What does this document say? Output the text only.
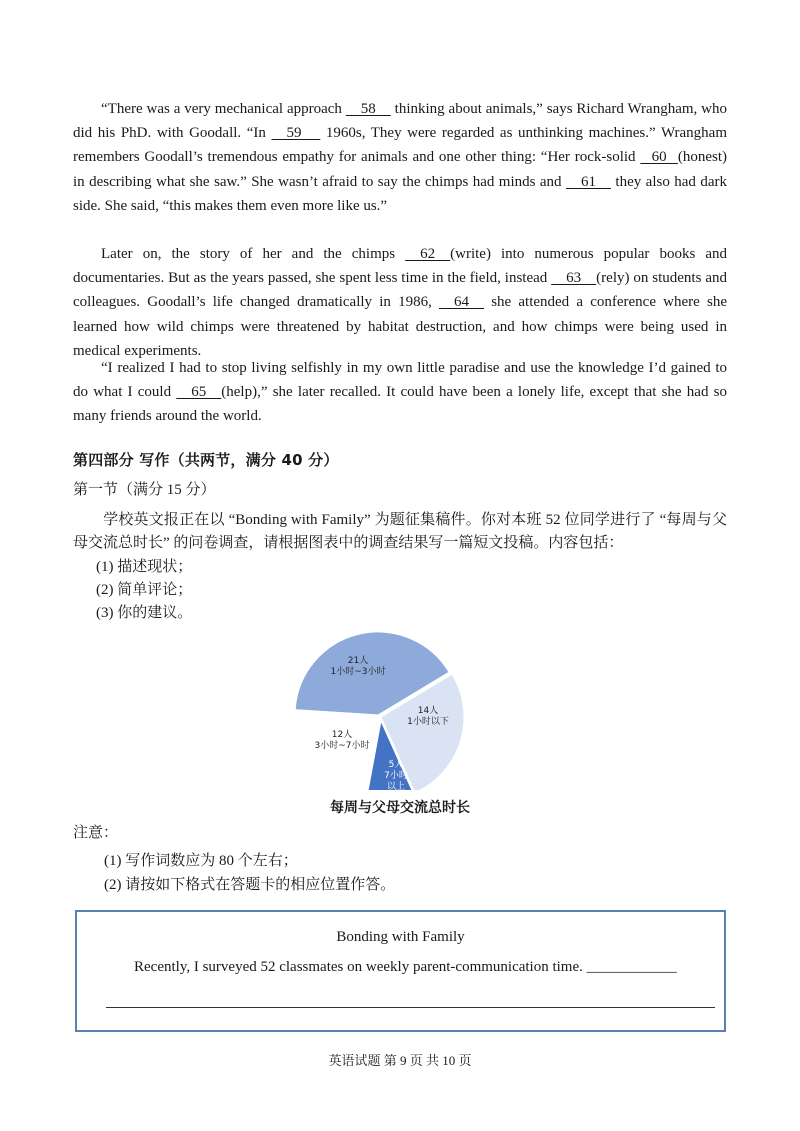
“There was a very mechanical approach     58     thinking about animals,” says Richard Wrangham, who did his PhD. with Goodall. “In     59      1960s, They were regarded as unthinking machines.” Wrangham remembers Goodall’s tremendous empathy for animals and one other thing: “Her rock-solid    60   (honest) in describing what she saw.” She wasn’t afraid to say the chimps had minds and     61     they also had dark side. She said, “this makes them even more like us.”

Later on, the story of her and the chimps     62    (write) into numerous popular books and documentaries. But as the years passed, she spent less time in the field, instead     63    (rely) on students and colleagues. Goodall’s life changed dramatically in 1986,     64     she attended a conference where she learned how wild chimps were threatened by habitat destruction, and how chimps were being used in medical experiments.

“I realized I had to stop living selfishly in my own little paradise and use the knowledge I’d gained to do what I could     65    (help),” she later recalled. It could have been a lonely life, except that she had so many friends around the world.

第四部分 写作（共两节，满分 40 分）
第一节（满分 15 分）
学校英文报正在以 “Bonding with Family” 为题征集稿件。你对本班 52 位同学进行了 “每周与父母交流总时长” 的问卷调查，请根据图表中的调查结果写一篇短文投稿。内容包括：
(1) 描述现状；
(2) 简单评论；
(3) 你的建议。
21人
1小时~3小时
14人
1小时以下
5人
7小时
以上
12人
3小时~7小时
每周与父母交流总时长
注意：
(1) 写作词数应为 80 个左右；
(2) 请按如下格式在答题卡的相应位置作答。
Bonding with Family
Recently, I surveyed 52 classmates on weekly parent-communication time. ____________
英语试题 第 9 页 共 10 页
